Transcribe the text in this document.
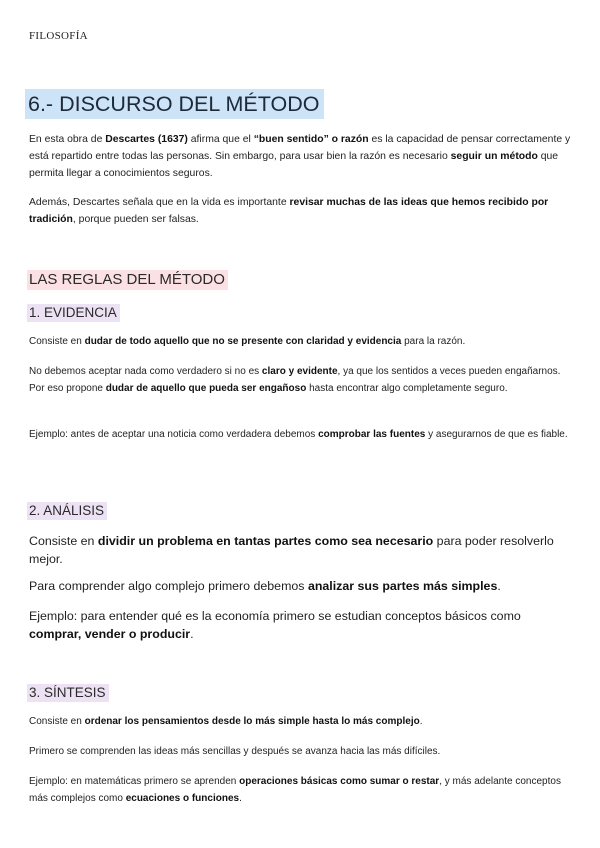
FILOSOFÍA
6.- DISCURSO DEL MÉTODO

En esta obra de Descartes (1637) afirma que el “buen sentido” o razón es la capacidad de pensar correctamente y está repartido entre todas las personas. Sin embargo, para usar bien la razón es necesario seguir un método que permita llegar a conocimientos seguros.

Además, Descartes señala que en la vida es importante revisar muchas de las ideas que hemos recibido por tradición, porque pueden ser falsas.

LAS REGLAS DEL MÉTODO
1. EVIDENCIA

Consiste en dudar de todo aquello que no se presente con claridad y evidencia para la razón.

No debemos aceptar nada como verdadero si no es claro y evidente, ya que los sentidos a veces pueden engañarnos. Por eso propone dudar de aquello que pueda ser engañoso hasta encontrar algo completamente seguro.

Ejemplo: antes de aceptar una noticia como verdadera debemos comprobar las fuentes y asegurarnos de que es fiable.

2. ANÁLISIS

Consiste en dividir un problema en tantas partes como sea necesario para poder resolverlo mejor.

Para comprender algo complejo primero debemos analizar sus partes más simples.

Ejemplo: para entender qué es la economía primero se estudian conceptos básicos como comprar, vender o producir.

3. SÍNTESIS

Consiste en ordenar los pensamientos desde lo más simple hasta lo más complejo.

Primero se comprenden las ideas más sencillas y después se avanza hacia las más difíciles.

Ejemplo: en matemáticas primero se aprenden operaciones básicas como sumar o restar, y más adelante conceptos más complejos como ecuaciones o funciones.
